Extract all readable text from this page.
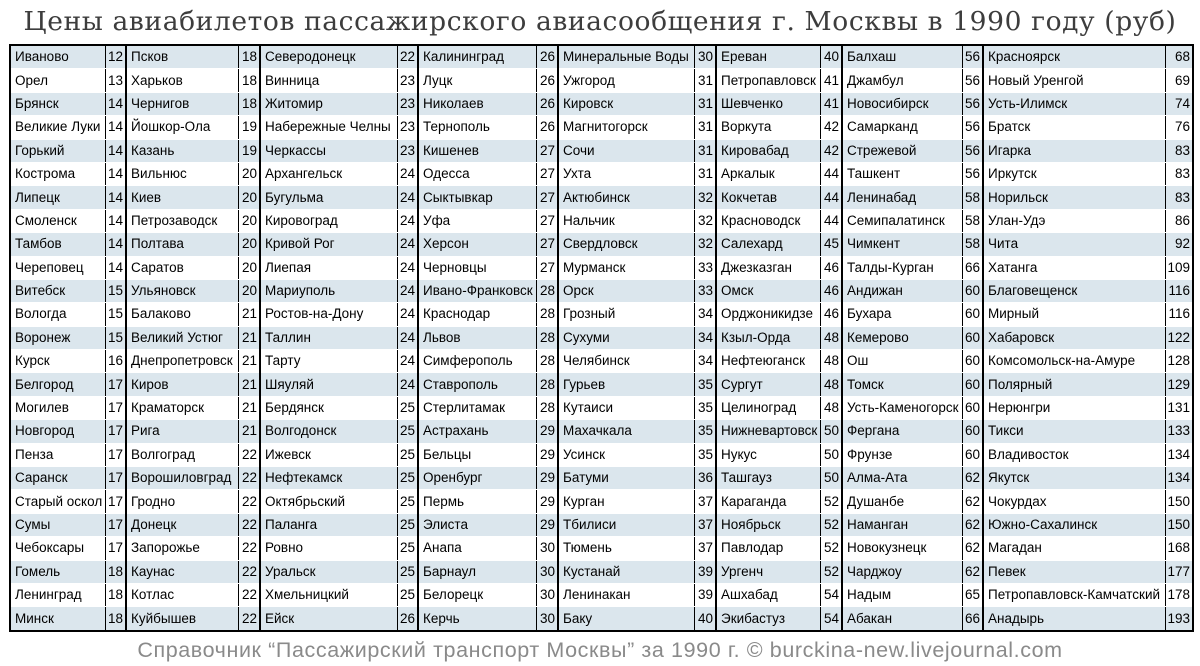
Цены авиабилетов пассажирского авиасообщения г. Москвы в 1990 году (руб)
Иваново	12	Псков	18	Северодонецк	22	Калининград	26	Минеральные Воды	30	Ереван	40	Балхаш	56	Красноярск	68
Орел	13	Харьков	18	Винница	23	Луцк	26	Ужгород	31	Петропавловск	41	Джамбул	56	Новый Уренгой	69
Брянск	14	Чернигов	18	Житомир	23	Николаев	26	Кировск	31	Шевченко	41	Новосибирск	56	Усть-Илимск	74
Великие Луки	14	Йошкор-Ола	19	Набережные Челны	23	Тернополь	26	Магнитогорск	31	Воркута	42	Самарканд	56	Братск	76
Горький	14	Казань	19	Черкассы	23	Кишенев	27	Сочи	31	Кировабад	42	Стрежевой	56	Игарка	83
Кострома	14	Вильнюс	20	Архангельск	24	Одесса	27	Ухта	31	Аркалык	44	Ташкент	56	Иркутск	83
Липецк	14	Киев	20	Бугульма	24	Сыктывкар	27	Актюбинск	32	Кокчетав	44	Ленинабад	58	Норильск	83
Смоленск	14	Петрозаводск	20	Кировоград	24	Уфа	27	Нальчик	32	Красноводск	44	Семипалатинск	58	Улан-Удэ	86
Тамбов	14	Полтава	20	Кривой Рог	24	Херсон	27	Свердловск	32	Салехард	45	Чимкент	58	Чита	92
Череповец	14	Саратов	20	Лиепая	24	Черновцы	27	Мурманск	33	Джезказган	46	Талды-Курган	66	Хатанга	109
Витебск	15	Ульяновск	20	Мариуполь	24	Ивано-Франковск	28	Орск	33	Омск	46	Андижан	60	Благовещенск	116
Вологда	15	Балаково	21	Ростов-на-Дону	24	Краснодар	28	Грозный	34	Орджоникидзе	46	Бухара	60	Мирный	116
Воронеж	15	Великий Устюг	21	Таллин	24	Львов	28	Сухуми	34	Кзыл-Орда	48	Кемерово	60	Хабаровск	122
Курск	16	Днепропетровск	21	Тарту	24	Симферополь	28	Челябинск	34	Нефтеюганск	48	Ош	60	Комсомольск-на-Амуре	128
Белгород	17	Киров	21	Шяуляй	24	Ставрополь	28	Гурьев	35	Сургут	48	Томск	60	Полярный	129
Могилев	17	Краматорск	21	Бердянск	25	Стерлитамак	28	Кутаиси	35	Целиноград	48	Усть-Каменогорск	60	Нерюнгри	131
Новгород	17	Рига	21	Волгодонск	25	Астрахань	29	Махачкала	35	Нижневартовск	50	Фергана	60	Тикси	133
Пенза	17	Волгоград	22	Ижевск	25	Бельцы	29	Усинск	35	Нукус	50	Фрунзе	60	Владивосток	134
Саранск	17	Ворошиловград	22	Нефтекамск	25	Оренбург	29	Батуми	36	Ташгауз	50	Алма-Ата	62	Якутск	134
Старый оскол	17	Гродно	22	Октябрьский	25	Пермь	29	Курган	37	Караганда	52	Душанбе	62	Чокурдах	150
Сумы	17	Донецк	22	Паланга	25	Элиста	29	Тбилиси	37	Ноябрьск	52	Наманган	62	Южно-Сахалинск	150
Чебоксары	17	Запорожье	22	Ровно	25	Анапа	30	Тюмень	37	Павлодар	52	Новокузнецк	62	Магадан	168
Гомель	18	Каунас	22	Уральск	25	Барнаул	30	Кустанай	39	Ургенч	52	Чарджоу	62	Певек	177
Ленинград	18	Котлас	22	Хмельницкий	25	Белорецк	30	Ленинакан	39	Ашхабад	54	Надым	65	Петропавловск-Камчатский	178
Минск	18	Куйбышев	22	Ейск	26	Керчь	30	Баку	40	Экибастуз	54	Абакан	66	Анадырь	193
Справочник “Пассажирский транспорт Москвы” за 1990 г. © burckina-new.livejournal.com
